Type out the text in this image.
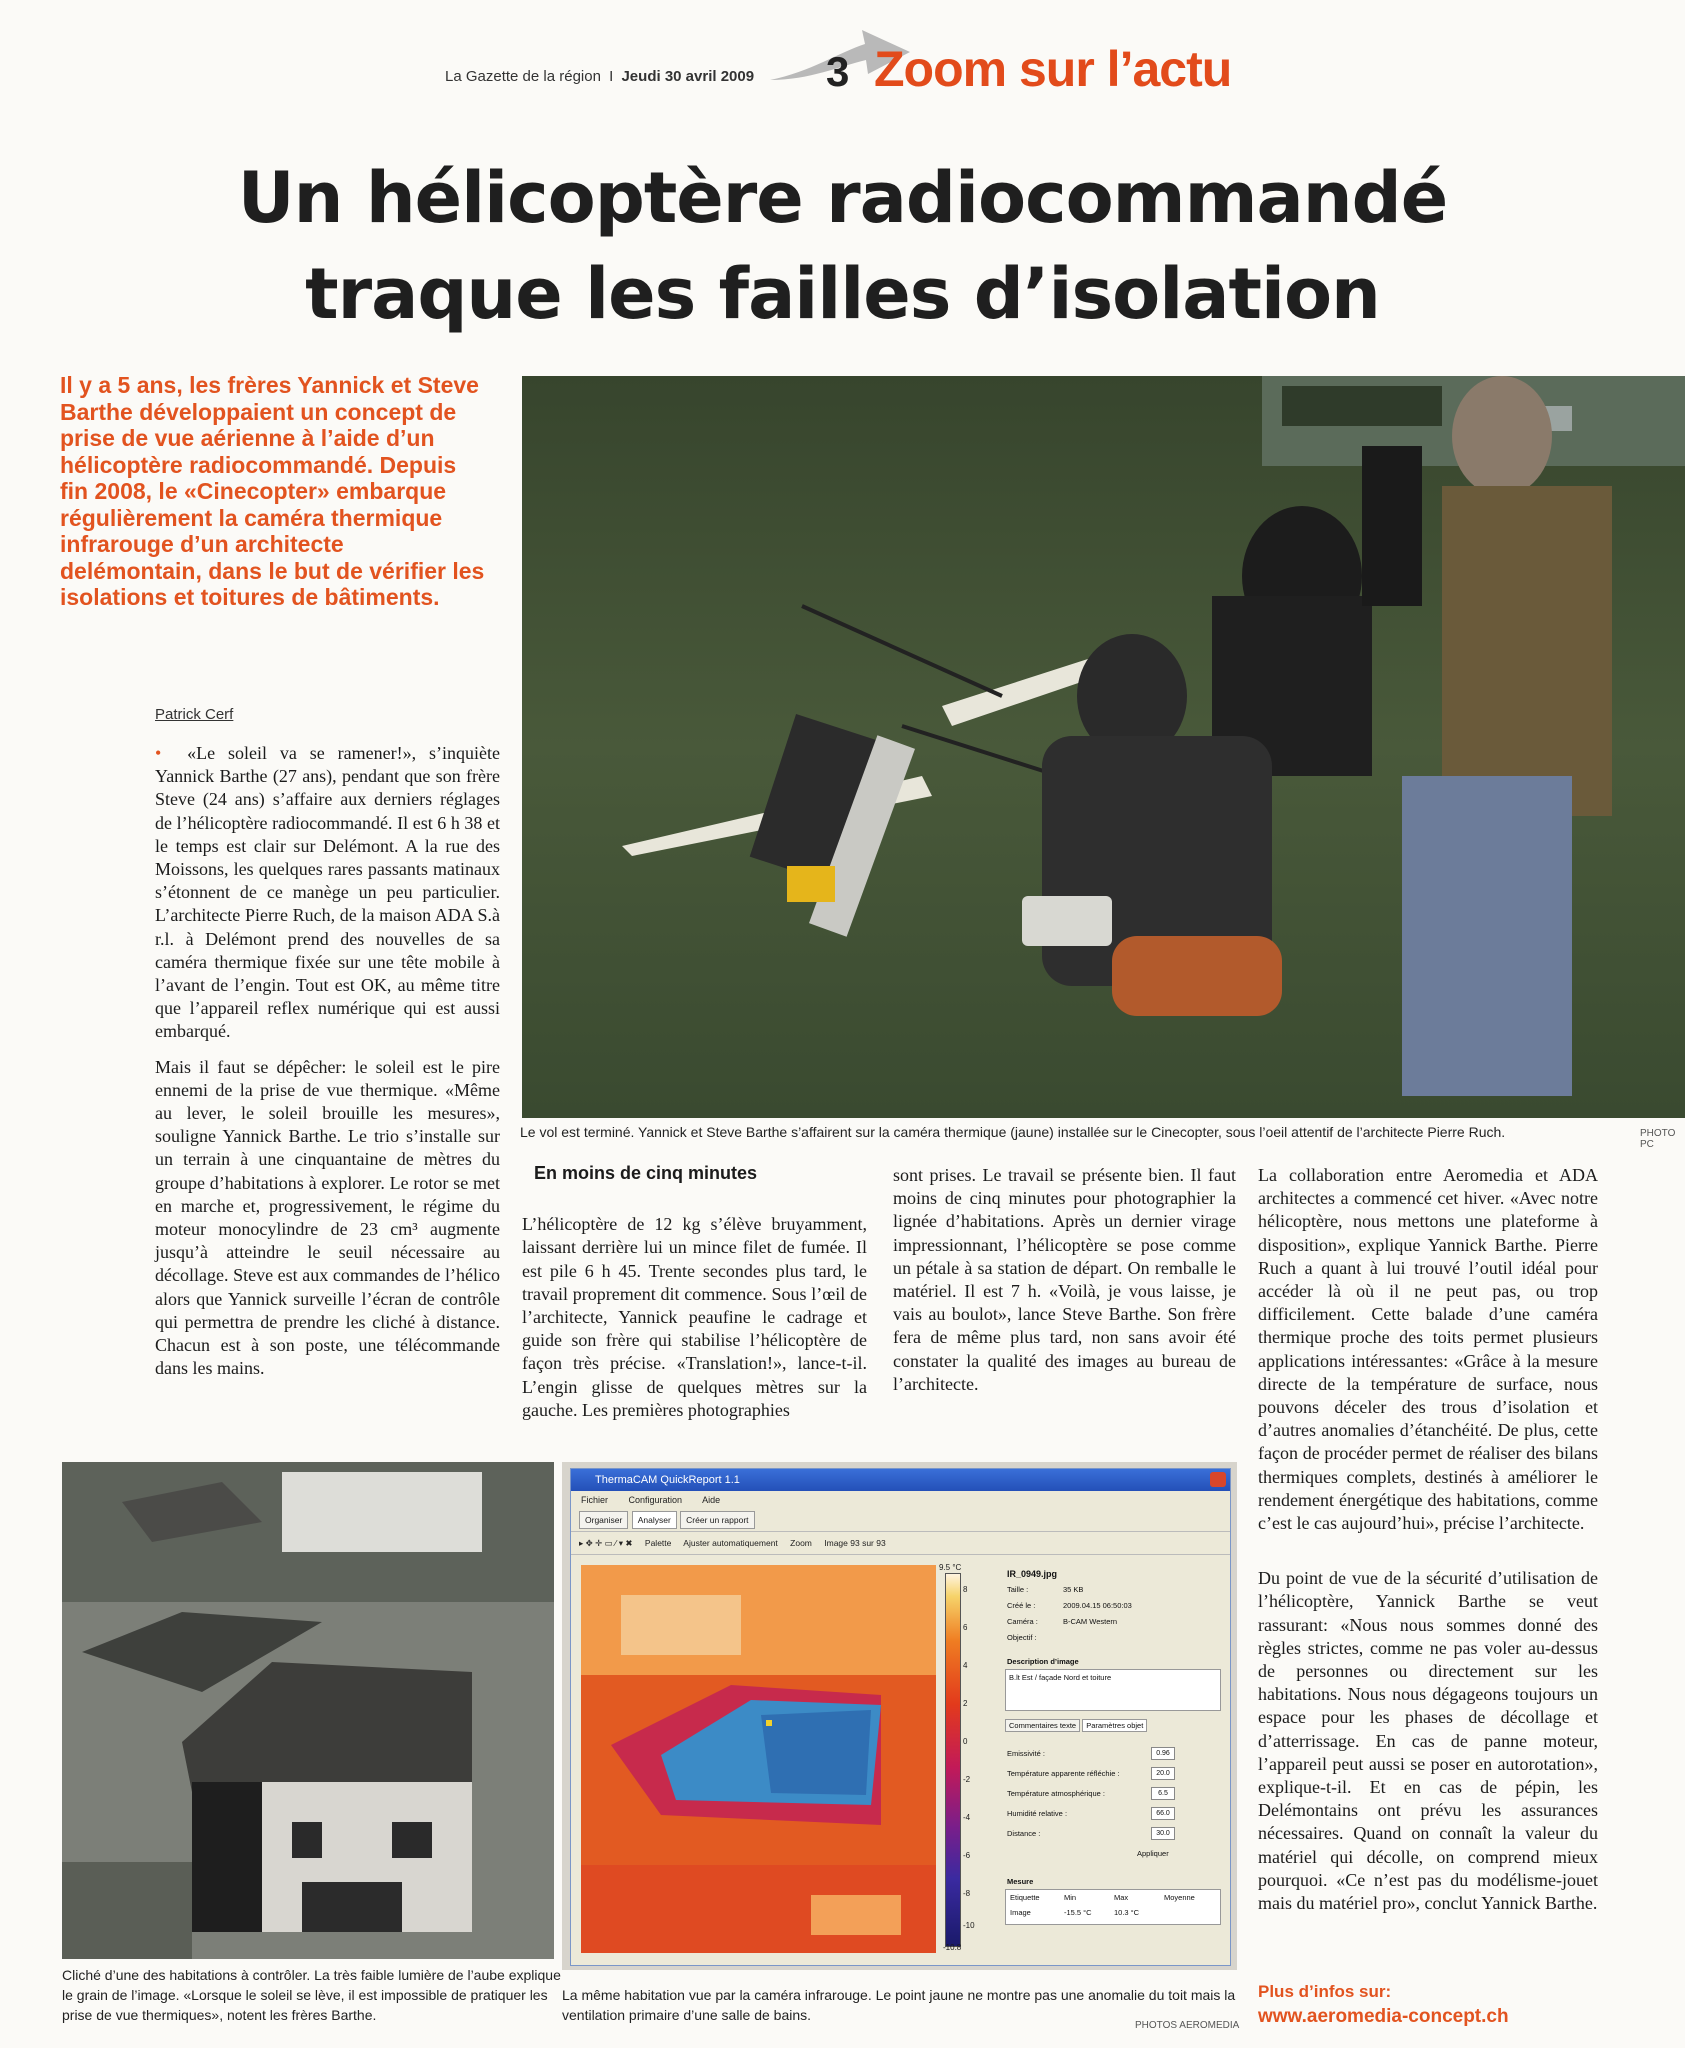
La Gazette de la région I Jeudi 30 avril 2009 3 Zoom sur l’actu
Un hélicoptère radiocommandé
traque les failles d’isolation
Il y a 5 ans, les frères Yannick et Steve Barthe développaient un concept de prise de vue aérienne à l’aide d’un hélicoptère radiocommandé. Depuis fin 2008, le «Cinecopter» embarque régulièrement la caméra thermique infrarouge d’un architecte delémontain, dans le but de vérifier les isolations et toitures de bâtiments.
Patrick Cerf

• «Le soleil va se ramener!», s’inquiète Yannick Barthe (27 ans), pendant que son frère Steve (24 ans) s’affaire aux derniers réglages de l’hélicoptère radiocommandé. Il est 6 h 38 et le temps est clair sur Delémont. A la rue des Moissons, les quelques rares passants matinaux s’étonnent de ce manège un peu particulier. L’architecte Pierre Ruch, de la maison ADA S.à r.l. à Delémont prend des nouvelles de sa caméra thermique fixée sur une tête mobile à l’avant de l’engin. Tout est OK, au même titre que l’appareil reflex numérique qui est aussi embarqué.

Mais il faut se dépêcher: le soleil est le pire ennemi de la prise de vue thermique. «Même au lever, le soleil brouille les mesures», souligne Yannick Barthe. Le trio s’installe sur un terrain à une cinquantaine de mètres du groupe d’habitations à explorer. Le rotor se met en marche et, progressivement, le régime du moteur monocylindre de 23 cm³ augmente jusqu’à atteindre le seuil nécessaire au décollage. Steve est aux commandes de l’hélico alors que Yannick surveille l’écran de contrôle qui permettra de prendre les cliché à distance. Chacun est à son poste, une télécommande dans les mains.

Le vol est terminé. Yannick et Steve Barthe s’affairent sur la caméra thermique (jaune) installée sur le Cinecopter, sous l’oeil attentif de l’architecte Pierre Ruch.	PHOTO PC
En moins de cinq minutes

L’hélicoptère de 12 kg s’élève bruyamment, laissant derrière lui un mince filet de fumée. Il est pile 6 h 45. Trente secondes plus tard, le travail proprement dit commence. Sous l’œil de l’architecte, Yannick peaufine le cadrage et guide son frère qui stabilise l’hélicoptère de façon très précise. «Translation!», lance-t-il. L’engin glisse de quelques mètres sur la gauche. Les premières photographies

sont prises. Le travail se présente bien. Il faut moins de cinq minutes pour photographier la lignée d’habitations. Après un dernier virage impressionnant, l’hélicoptère se pose comme un pétale à sa station de départ. On remballe le matériel. Il est 7 h. «Voilà, je vous laisse, je vais au boulot», lance Steve Barthe. Son frère fera de même plus tard, non sans avoir été constater la qualité des images au bureau de l’architecte.

La collaboration entre Aeromedia et ADA architectes a commencé cet hiver. «Avec notre hélicoptère, nous mettons une plateforme à disposition», explique Yannick Barthe. Pierre Ruch a quant à lui trouvé l’outil idéal pour accéder là où il ne peut pas, ou trop difficilement. Cette balade d’une caméra thermique proche des toits permet plusieurs applications intéressantes: «Grâce à la mesure directe de la température de surface, nous pouvons déceler des trous d’isolation et d’autres anomalies d’étanchéité. De plus, cette façon de procéder permet de réaliser des bilans thermiques complets, destinés à améliorer le rendement énergétique des habitations, comme c’est le cas aujourd’hui», précise l’architecte.

Du point de vue de la sécurité d’utilisation de l’hélicoptère, Yannick Barthe se veut rassurant: «Nous nous sommes donné des règles strictes, comme ne pas voler au-dessus de personnes ou directement sur les habitations. Nous nous dégageons toujours un espace pour les phases de décollage et d’atterrissage. En cas de panne moteur, l’appareil peut aussi se poser en autorotation», explique-t-il. Et en cas de pépin, les Delémontains ont prévu les assurances nécessaires. Quand on connaît la valeur du matériel qui décolle, on comprend mieux pourquoi. «Ce n’est pas du modélisme-jouet mais du matériel pro», conclut Yannick Barthe.

Plus d’infos sur:
www.aeromedia-concept.ch
Cliché d’une des habitations à contrôler. La très faible lumière de l’aube explique le grain de l’image. «Lorsque le soleil se lève, il est impossible de pratiquer les prise de vue thermiques», notent les frères Barthe.
ThermaCAM QuickReport 1.1
Fichier Configuration Aide
Organiser Analyser Créer un rapport
▸ ✥ ✛ ▭ ⁄ ▾ ✖ Palette Ajuster automatiquement Zoom Image 93 sur 93
9.5 °C
8
6
4
2
0
-2
-4
-6
-8
-10
-10.8
IR_0949.jpg
Taille :	35 KB
Créé le :	2009.04.15 06:50:03
Caméra :	B-CAM Western
Objectif :
Description d’image
B.lt Est / façade Nord et toiture
Commentaires texte Paramètres objet
Emissivité :	0.96
Température apparente réfléchie :	20.0
Température atmosphérique :	6.5
Humidité relative :	66.0
Distance :	30.0
Appliquer
Mesure
Etiquette	Min	Max	Moyenne
Image	-15.5 °C	10.3 °C
La même habitation vue par la caméra infrarouge. Le point jaune ne montre pas une anomalie du toit mais la ventilation primaire d’une salle de bains.
PHOTOS AEROMEDIA
